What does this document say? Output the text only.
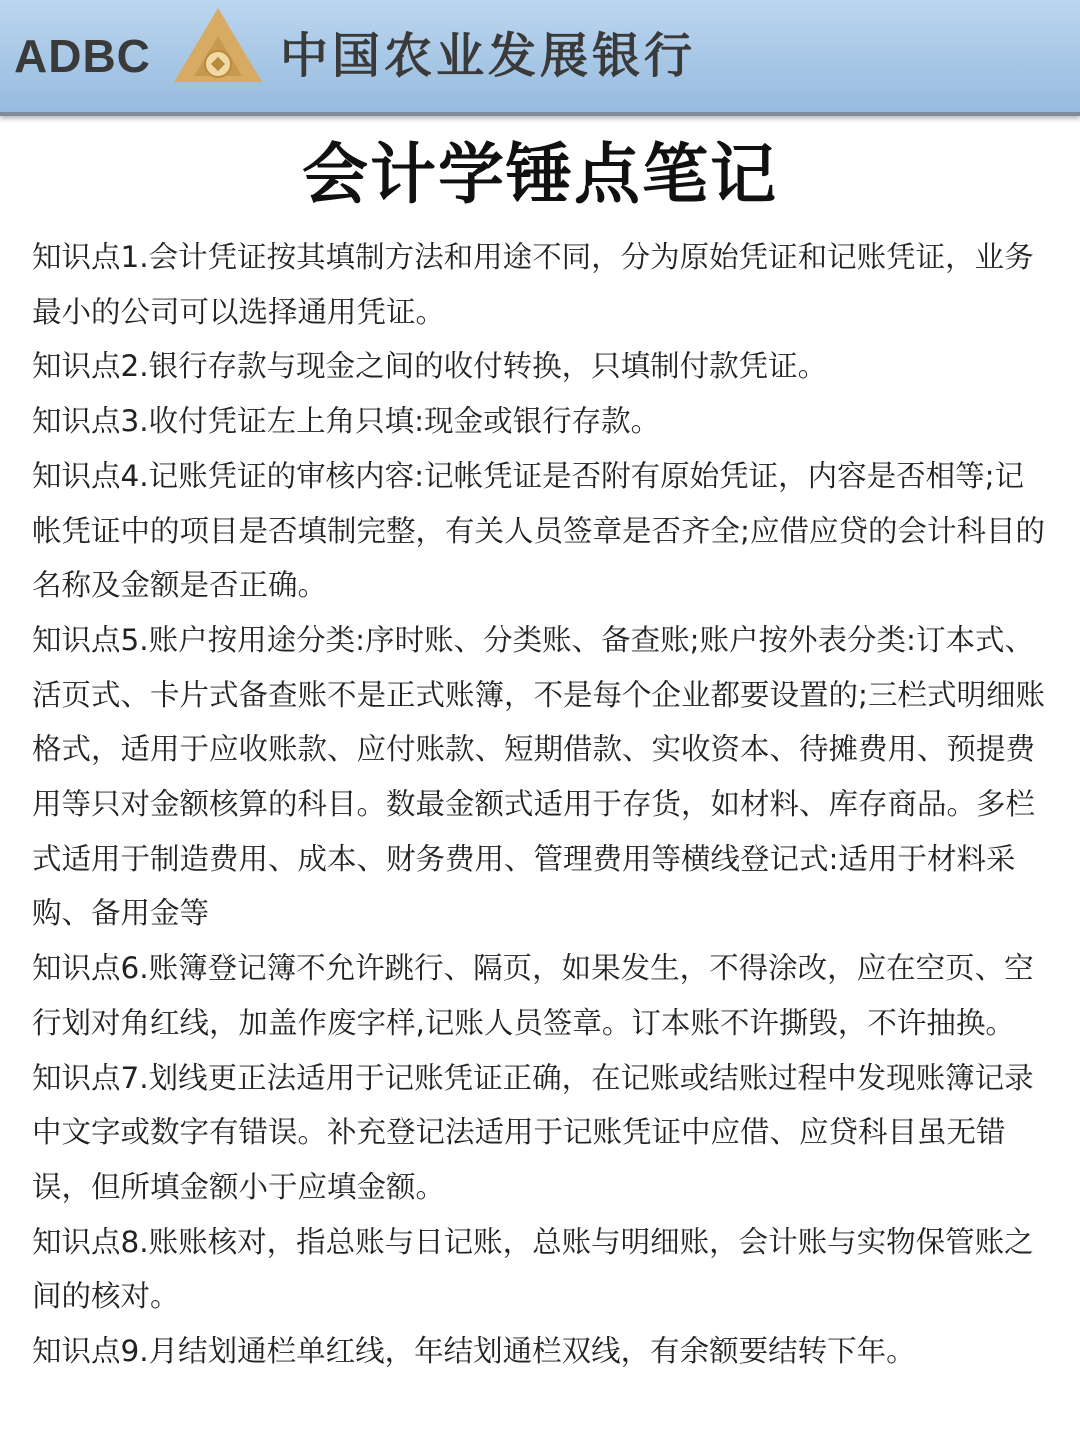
ADBC	中国农业发展银行
会计学锤点笔记

知识点1.会计凭证按其填制方法和用途不同，分为原始凭证和记账凭证，业务最小的公司可以选择通用凭证。

知识点2.银行存款与现金之间的收付转换，只填制付款凭证。

知识点3.收付凭证左上角只填:现金或银行存款。

知识点4.记账凭证的审核内容:记帐凭证是否附有原始凭证，内容是否相等;记帐凭证中的项目是否填制完整，有关人员签章是否齐全;应借应贷的会计科目的名称及金额是否正确。

知识点5.账户按用途分类:序时账、分类账、备查账;账户按外表分类:订本式、活页式、卡片式备查账不是正式账簿，不是每个企业都要设置的;三栏式明细账格式，适用于应收账款、应付账款、短期借款、实收资本、待摊费用、预提费用等只对金额核算的科目。数最金额式适用于存货，如材料、库存商品。多栏式适用于制造费用、成本、财务费用、管理费用等横线登记式:适用于材料采购、备用金等

知识点6.账簿登记簿不允许跳行、隔页，如果发生，不得涂改，应在空页、空行划对角红线，加盖作废字样,记账人员签章。订本账不许撕毁，不许抽换。

知识点7.划线更正法适用于记账凭证正确，在记账或结账过程中发现账簿记录中文字或数字有错误。补充登记法适用于记账凭证中应借、应贷科目虽无错误，但所填金额小于应填金额。

知识点8.账账核对，指总账与日记账，总账与明细账，会计账与实物保管账之间的核对。

知识点9.月结划通栏单红线，年结划通栏双线，有余额要结转下年。
